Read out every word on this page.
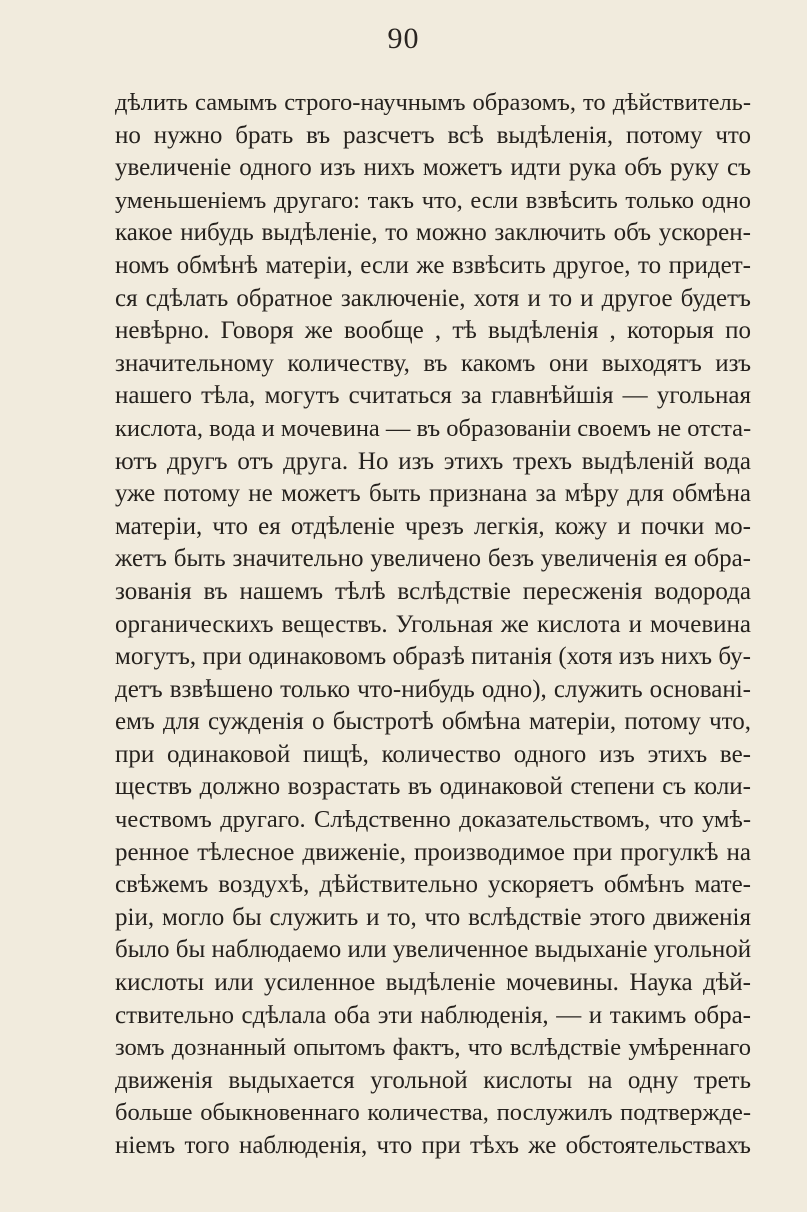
90
дѣлить самымъ строго-научнымъ образомъ, то дѣйствитель-
но нужно брать въ разсчетъ всѣ выдѣленія, потому что
увеличеніе одного изъ нихъ можетъ идти рука объ руку съ
уменьшеніемъ другаго: такъ что, если взвѣсить только одно
какое нибудь выдѣленіе, то можно заключить объ ускорен-
номъ обмѣнѣ матеріи, если же взвѣсить другое, то придет-
ся сдѣлать обратное заключеніе, хотя и то и другое будетъ
невѣрно. Говоря же вообще , тѣ выдѣленія , которыя по
значительному количеству, въ какомъ они выходятъ изъ
нашего тѣла, могутъ считаться за главнѣйшія — угольная
кислота, вода и мочевина — въ образованіи своемъ не отста-
ютъ другъ отъ друга. Но изъ этихъ трехъ выдѣленій вода
уже потому не можетъ быть признана за мѣру для обмѣна
матеріи, что ея отдѣленіе чрезъ легкія, кожу и почки мо-
жетъ быть значительно увеличено безъ увеличенія ея обра-
зованія въ нашемъ тѣлѣ вслѣдствіе пересженія водорода
органическихъ веществъ. Угольная же кислота и мочевина
могутъ, при одинаковомъ образѣ питанія (хотя изъ нихъ бу-
детъ взвѣшено только что-нибудь одно), служить основані-
емъ для сужденія о быстротѣ обмѣна матеріи, потому что,
при одинаковой пищѣ, количество одного изъ этихъ ве-
ществъ должно возрастать въ одинаковой степени съ коли-
чествомъ другаго. Слѣдственно доказательствомъ, что умѣ-
ренное тѣлесное движеніе, производимое при прогулкѣ на
свѣжемъ воздухѣ, дѣйствительно ускоряетъ обмѣнъ мате-
ріи, могло бы служить и то, что вслѣдствіе этого движенія
было бы наблюдаемо или увеличенное выдыханіе угольной
кислоты или усиленное выдѣленіе мочевины. Наука дѣй-
ствительно сдѣлала оба эти наблюденія, — и такимъ обра-
зомъ дознанный опытомъ фактъ, что вслѣдствіе умѣреннаго
движенія выдыхается угольной кислоты на одну треть
больше обыкновеннаго количества, послужилъ подтвержде-
ніемъ того наблюденія, что при тѣхъ же обстоятельствахъ
